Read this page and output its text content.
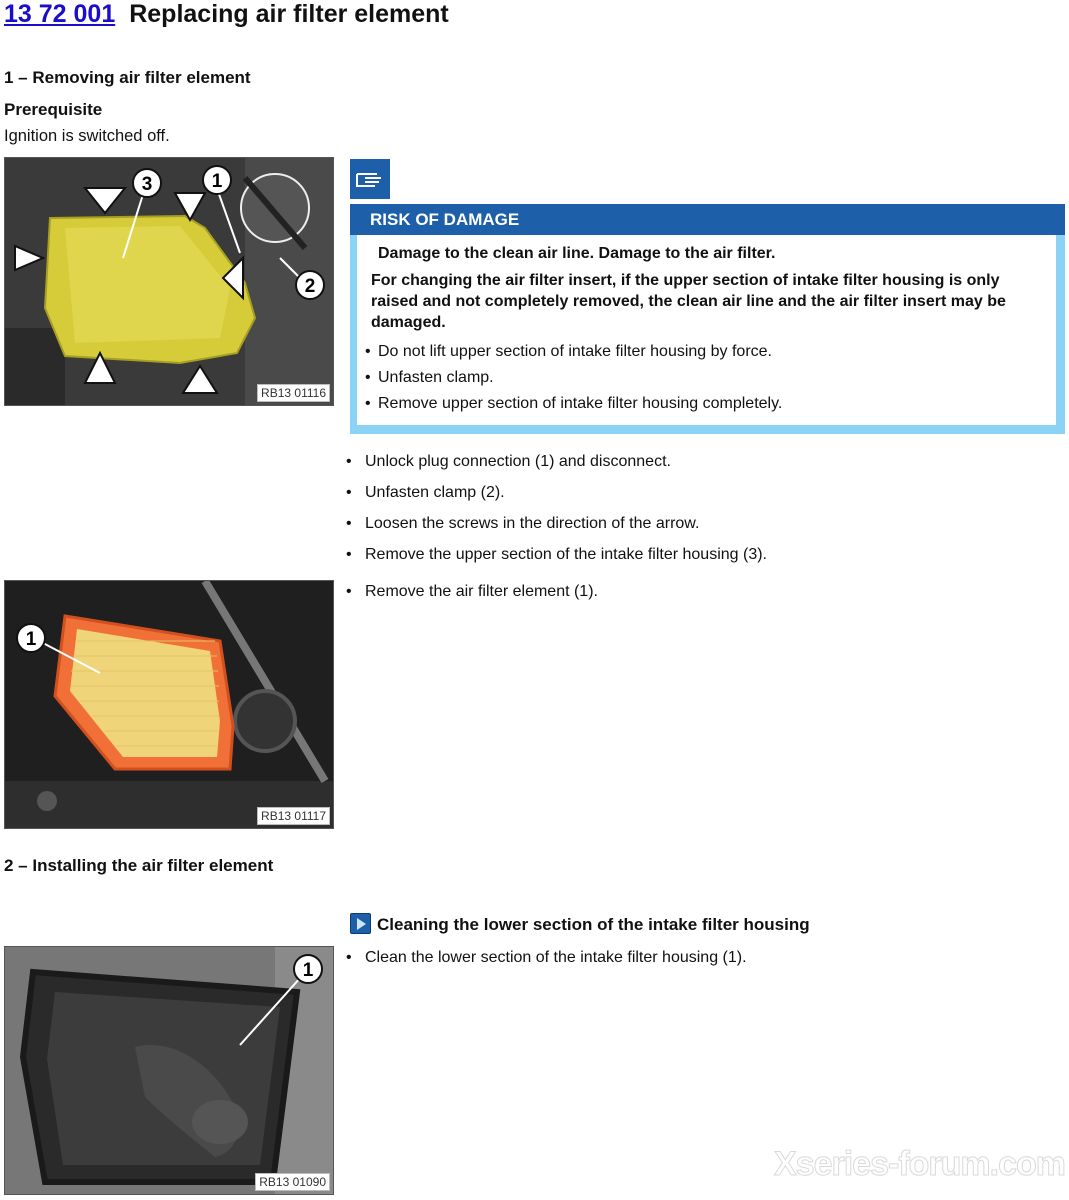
13 72 001 Replacing air filter element
1 – Removing air filter element
Prerequisite
Ignition is switched off.
3	1
2
RB13 01116
RISK OF DAMAGE
Damage to the clean air line. Damage to the air filter.
For changing the air filter insert, if the upper section of intake filter housing is only raised and not completely removed, the clean air line and the air filter insert may be damaged.
• Do not lift upper section of intake filter housing by force.
• Unfasten clamp.
• Remove upper section of intake filter housing completely.
• Unlock plug connection (1) and disconnect.
• Unfasten clamp (2).
• Loosen the screws in the direction of the arrow.
• Remove the upper section of the intake filter housing (3).
1
RB13 01117
• Remove the air filter element (1).
2 – Installing the air filter element
Cleaning the lower section of the intake filter housing
1
RB13 01090
• Clean the lower section of the intake filter housing (1).
Xseries-forum.com
